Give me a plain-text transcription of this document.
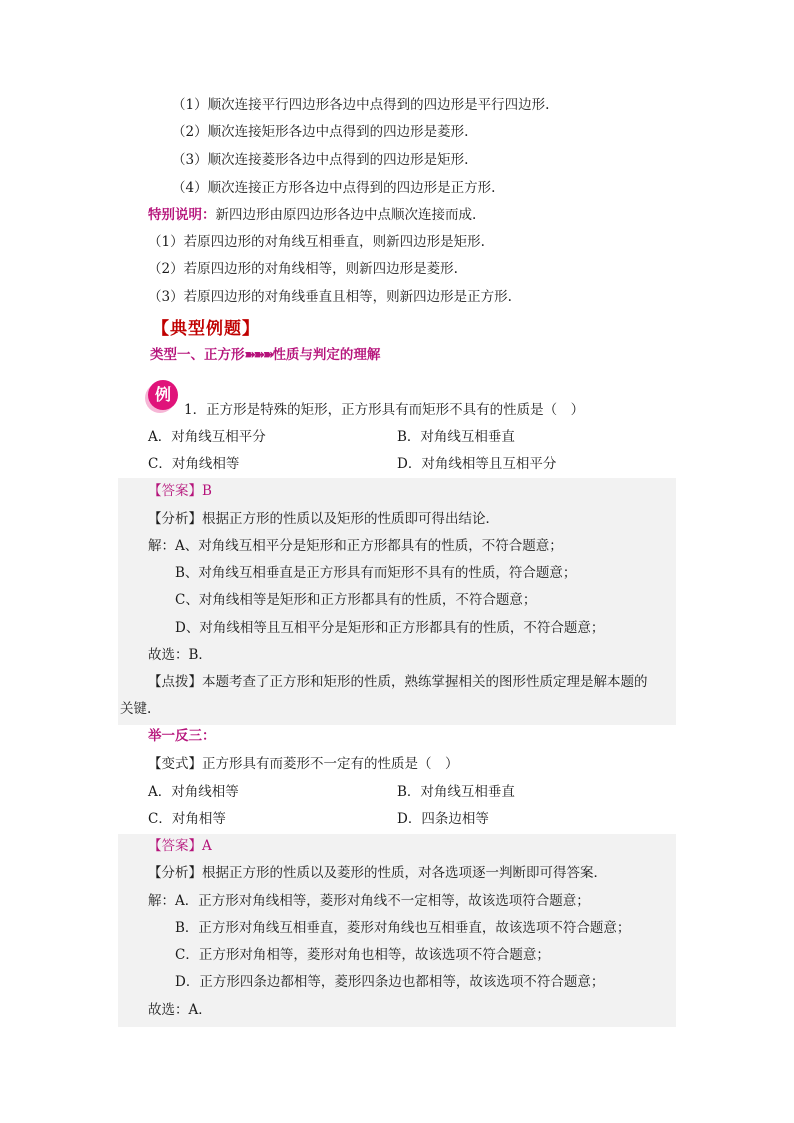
（1）顺次连接平行四边形各边中点得到的四边形是平行四边形.
（2）顺次连接矩形各边中点得到的四边形是菱形.
（3）顺次连接菱形各边中点得到的四边形是矩形.
（4）顺次连接正方形各边中点得到的四边形是正方形.
特别说明：新四边形由原四边形各边中点顺次连接而成.
（1）若原四边形的对角线互相垂直，则新四边形是矩形.
（2）若原四边形的对角线相等，则新四边形是菱形.
（3）若原四边形的对角线垂直且相等，则新四边形是正方形.
【典型例题】
类型一、正方形➽➽➽性质与判定的理解
例
1．正方形是特殊的矩形，正方形具有而矩形不具有的性质是（　）
A．对角线互相平分	B．对角线互相垂直
C．对角线相等	D．对角线相等且互相平分
【答案】B
【分析】根据正方形的性质以及矩形的性质即可得出结论．
解：A、对角线互相平分是矩形和正方形都具有的性质，不符合题意；
B、对角线互相垂直是正方形具有而矩形不具有的性质，符合题意；
C、对角线相等是矩形和正方形都具有的性质，不符合题意；
D、对角线相等且互相平分是矩形和正方形都具有的性质，不符合题意；
故选：B．
【点拨】本题考查了正方形和矩形的性质，熟练掌握相关的图形性质定理是解本题的
关键.
举一反三：
【变式】正方形具有而菱形不一定有的性质是（　）
A．对角线相等	B．对角线互相垂直
C．对角相等	D．四条边相等
【答案】A
【分析】根据正方形的性质以及菱形的性质，对各选项逐一判断即可得答案．
解：A．正方形对角线相等，菱形对角线不一定相等，故该选项符合题意；
B．正方形对角线互相垂直，菱形对角线也互相垂直，故该选项不符合题意；
C．正方形对角相等，菱形对角也相等，故该选项不符合题意；
D．正方形四条边都相等，菱形四条边也都相等，故该选项不符合题意；
故选：A．
